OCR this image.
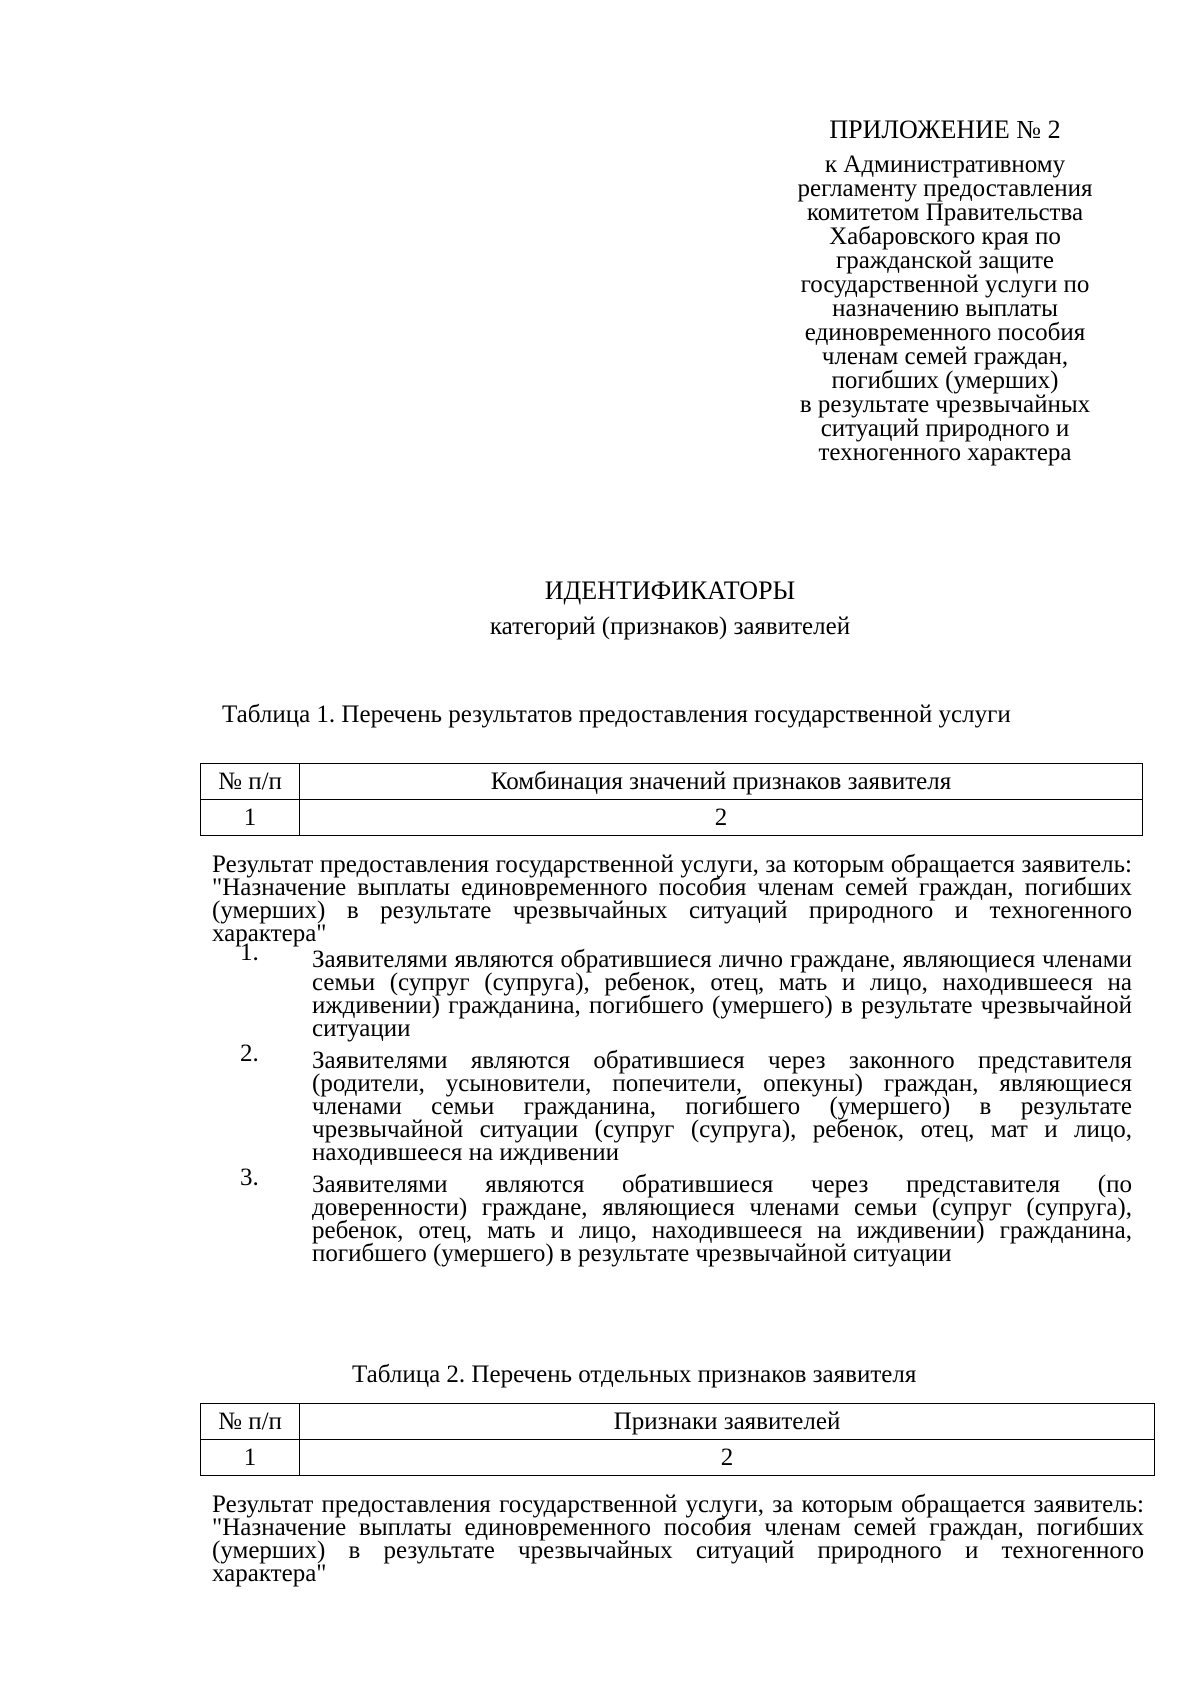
ПРИЛОЖЕНИЕ № 2
к Административному
регламенту предоставления
комитетом Правительства
Хабаровского края по
гражданской защите
государственной услуги по
назначению выплаты
единовременного пособия
членам семей граждан,
погибших (умерших)
в результате чрезвычайных
ситуаций природного и
техногенного характера
ИДЕНТИФИКАТОРЫ
категорий (признаков) заявителей
Таблица 1. Перечень результатов предоставления государственной услуги
№ п/п	Комбинация значений признаков заявителя
1	2
Результат предоставления государственной услуги, за которым обращается заявитель: "Назначение выплаты единовременного пособия членам семей граждан, погибших (умерших) в результате чрезвычайных ситуаций природного и техногенного характера"
1. Заявителями являются обратившиеся лично граждане, являющиеся членами семьи (супруг (супруга), ребенок, отец, мать и лицо, находившееся на иждивении) гражданина, погибшего (умершего) в результате чрезвычайной ситуации
2. Заявителями являются обратившиеся через законного представителя (родители, усыновители, попечители, опекуны) граждан, являющиеся членами семьи гражданина, погибшего (умершего) в результате чрезвычайной ситуации (супруг (супруга), ребенок, отец, мат и лицо, находившееся на иждивении
3. Заявителями являются обратившиеся через представителя (по доверенности) граждане, являющиеся членами семьи (супруг (супруга), ребенок, отец, мать и лицо, находившееся на иждивении) гражданина, погибшего (умершего) в результате чрезвычайной ситуации
Таблица 2. Перечень отдельных признаков заявителя
№ п/п	Признаки заявителей
1	2
Результат предоставления государственной услуги, за которым обращается заявитель: "Назначение выплаты единовременного пособия членам семей граждан, погибших (умерших) в результате чрезвычайных ситуаций природного и техногенного характера"
